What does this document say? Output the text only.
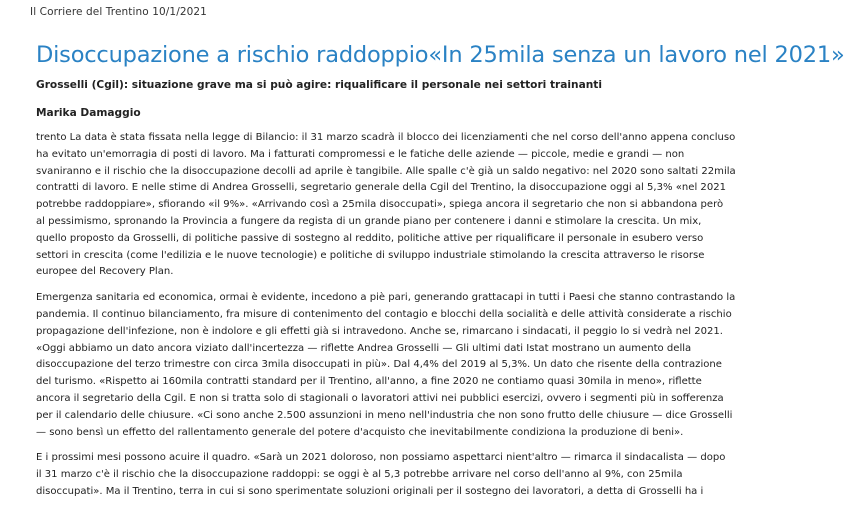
Il Corriere del Trentino 10/1/2021
Disoccupazione a rischio raddoppio«In 25mila senza un lavoro nel 2021»
Grosselli (Cgil): situazione grave ma si può agire: riqualificare il personale nei settori trainanti
Marika Damaggio

trento La data è stata fissata nella legge di Bilancio: il 31 marzo scadrà il blocco dei licenziamenti che nel corso dell'anno appena concluso
ha evitato un'emorragia di posti di lavoro. Ma i fatturati compromessi e le fatiche delle aziende — piccole, medie e grandi — non
svaniranno e il rischio che la disoccupazione decolli ad aprile è tangibile. Alle spalle c'è già un saldo negativo: nel 2020 sono saltati 22mila
contratti di lavoro. E nelle stime di Andrea Grosselli, segretario generale della Cgil del Trentino, la disoccupazione oggi al 5,3% «nel 2021
potrebbe raddoppiare», sfiorando «il 9%». «Arrivando così a 25mila disoccupati», spiega ancora il segretario che non si abbandona però
al pessimismo, spronando la Provincia a fungere da regista di un grande piano per contenere i danni e stimolare la crescita. Un mix,
quello proposto da Grosselli, di politiche passive di sostegno al reddito, politiche attive per riqualificare il personale in esubero verso
settori in crescita (come l'edilizia e le nuove tecnologie) e politiche di sviluppo industriale stimolando la crescita attraverso le risorse
europee del Recovery Plan.

Emergenza sanitaria ed economica, ormai è evidente, incedono a piè pari, generando grattacapi in tutti i Paesi che stanno contrastando la
pandemia. Il continuo bilanciamento, fra misure di contenimento del contagio e blocchi della socialità e delle attività considerate a rischio
propagazione dell'infezione, non è indolore e gli effetti già si intravedono. Anche se, rimarcano i sindacati, il peggio lo si vedrà nel 2021.
«Oggi abbiamo un dato ancora viziato dall'incertezza — riflette Andrea Grosselli — Gli ultimi dati Istat mostrano un aumento della
disoccupazione del terzo trimestre con circa 3mila disoccupati in più». Dal 4,4% del 2019 al 5,3%. Un dato che risente della contrazione
del turismo. «Rispetto ai 160mila contratti standard per il Trentino, all'anno, a fine 2020 ne contiamo quasi 30mila in meno», riflette
ancora il segretario della Cgil. E non si tratta solo di stagionali o lavoratori attivi nei pubblici esercizi, ovvero i segmenti più in sofferenza
per il calendario delle chiusure. «Ci sono anche 2.500 assunzioni in meno nell'industria che non sono frutto delle chiusure — dice Grosselli
— sono bensì un effetto del rallentamento generale del potere d'acquisto che inevitabilmente condiziona la produzione di beni».

E i prossimi mesi possono acuire il quadro. «Sarà un 2021 doloroso, non possiamo aspettarci nient'altro — rimarca il sindacalista — dopo
il 31 marzo c'è il rischio che la disoccupazione raddoppi: se oggi è al 5,3 potrebbe arrivare nel corso dell'anno al 9%, con 25mila
disoccupati». Ma il Trentino, terra in cui si sono sperimentate soluzioni originali per il sostegno dei lavoratori, a detta di Grosselli ha i
